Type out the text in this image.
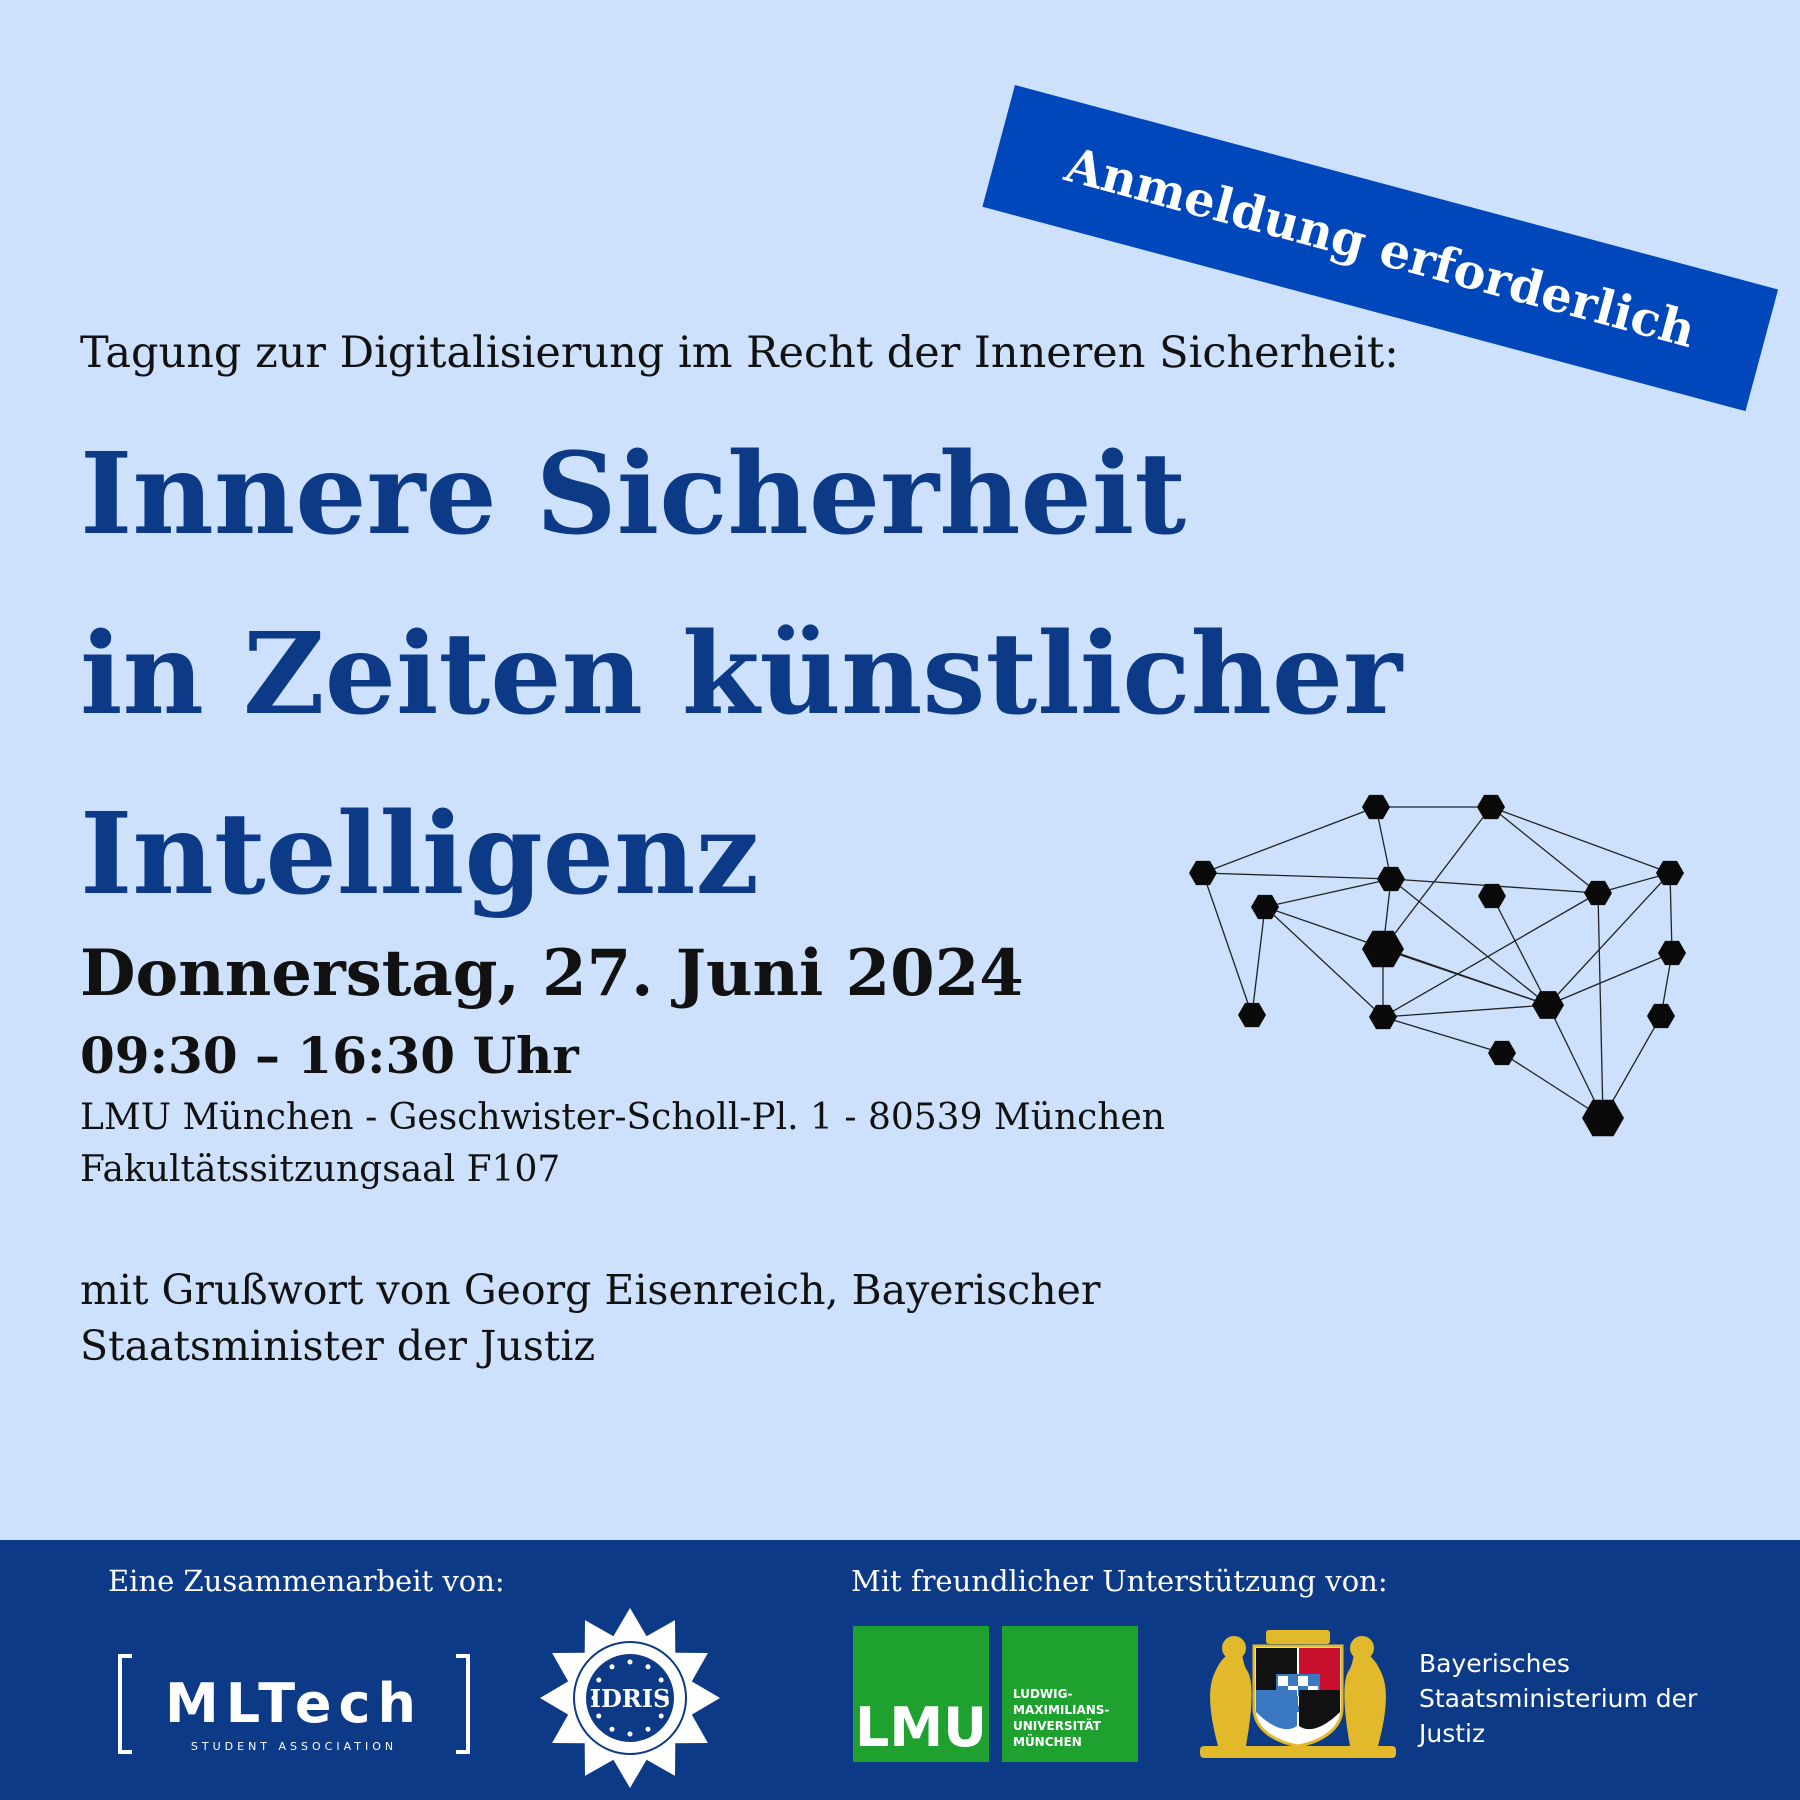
Anmeldung erforderlich
Tagung zur Digitalisierung im Recht der Inneren Sicherheit:
Innere Sicherheit
in Zeiten künstlicher
Intelligenz
Donnerstag, 27. Juni 2024
09:30 – 16:30 Uhr
LMU München - Geschwister-Scholl-Pl. 1 - 80539 München
Fakultätssitzungsaal F107
mit Grußwort von Georg Eisenreich, Bayerischer
Staatsminister der Justiz
Eine Zusammenarbeit von:	Mit freundlicher Unterstützung von:
MLTech
STUDENT ASSOCIATION
IDRIS	LMU
LUDWIG-
MAXIMILIANS-
UNIVERSITÄT
MÜNCHEN
Bayerisches
Staatsministerium der
Justiz
